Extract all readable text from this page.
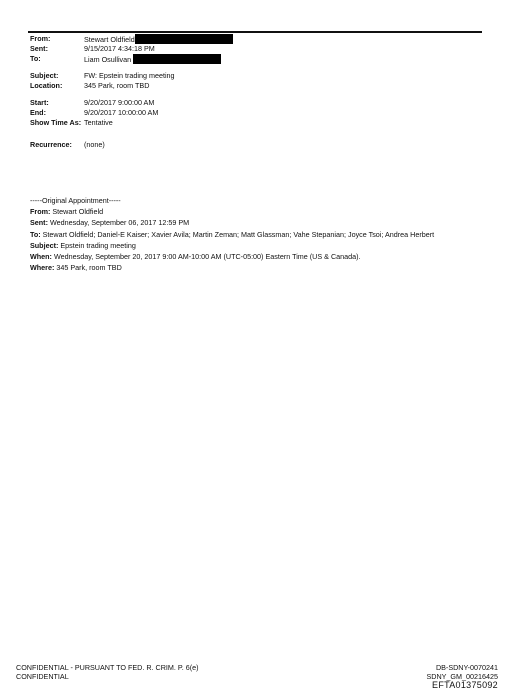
From:	Stewart Oldfield
Sent:	9/15/2017 4:34:18 PM
To:	Liam Osullivan
Subject:	FW: Epstein trading meeting
Location:	345 Park, room TBD
Start:	9/20/2017 9:00:00 AM
End:	9/20/2017 10:00:00 AM
Show Time As: Tentative
Recurrence: (none)
-----Original Appointment-----
From: Stewart Oldfield
Sent: Wednesday, September 06, 2017 12:59 PM
To: Stewart Oldfield; Daniel-E Kaiser; Xavier Avila; Martin Zeman; Matt Glassman; Vahe Stepanian; Joyce Tsoi; Andrea Herbert
Subject: Epstein trading meeting
When: Wednesday, September 20, 2017 9:00 AM-10:00 AM (UTC-05:00) Eastern Time (US & Canada).
Where: 345 Park, room TBD
CONFIDENTIAL - PURSUANT TO FED. R. CRIM. P. 6(e)
CONFIDENTIAL
DB-SDNY-0070241
SDNY_GM_00216425
EFTA01375092
